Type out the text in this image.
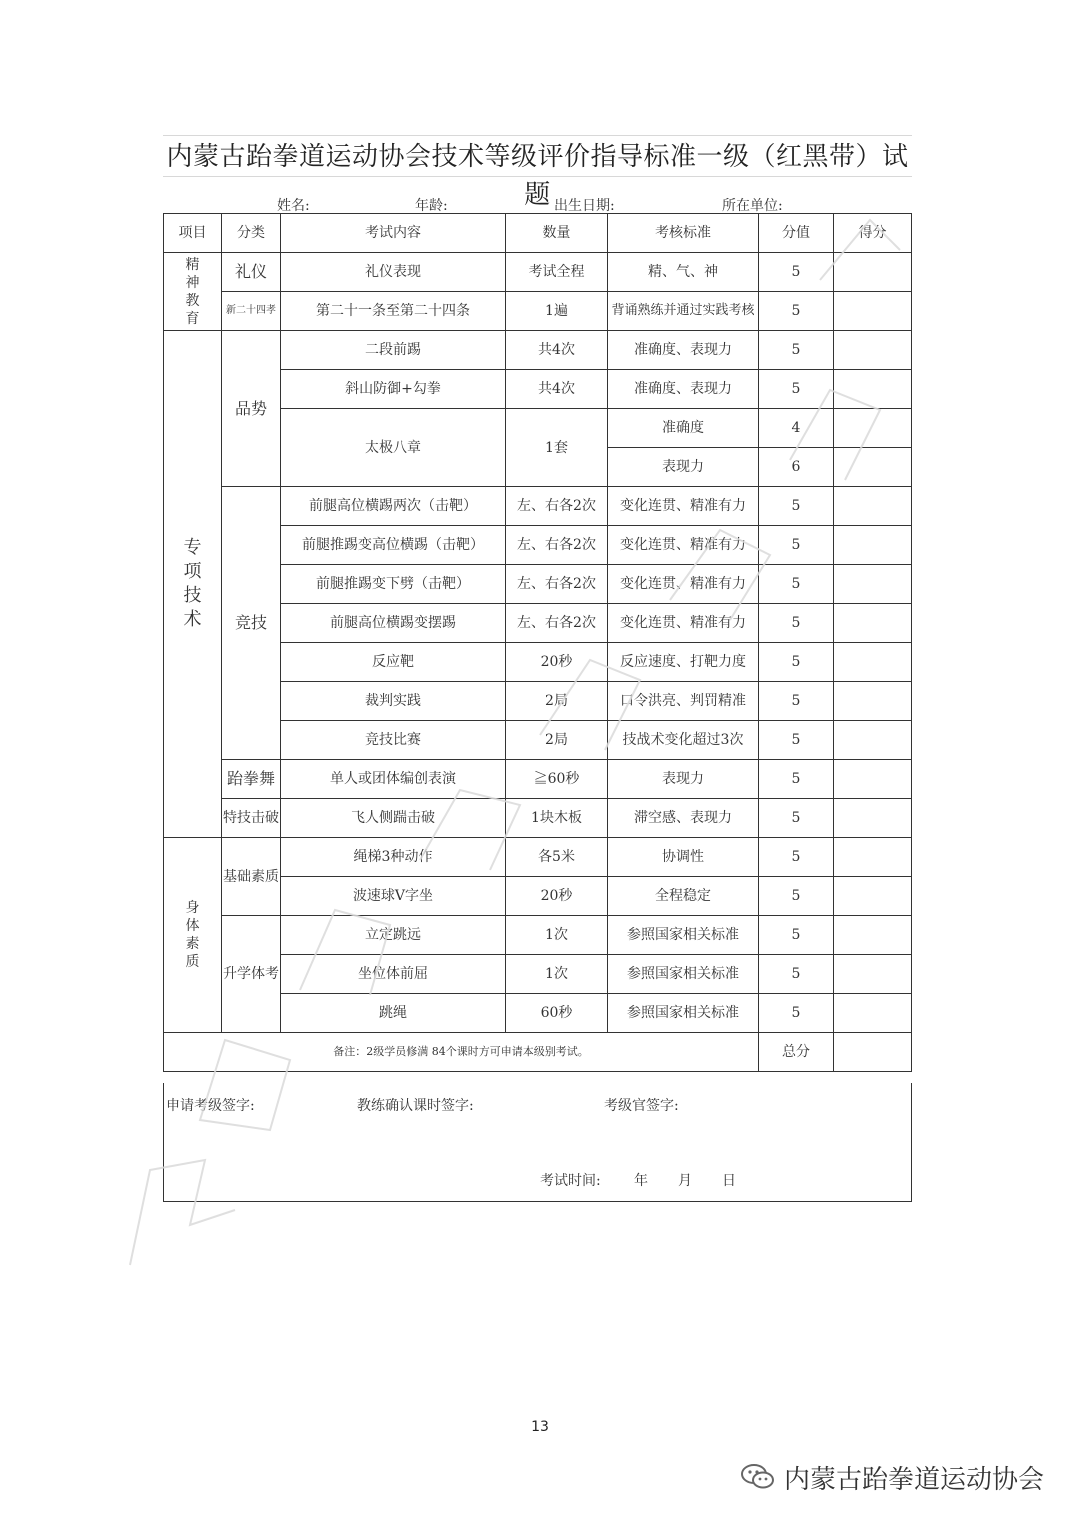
内蒙古跆拳道运动协会技术等级评价指导标准一级（红黑带）试题
姓名:	年龄:	出生日期:	所在单位:
项目	分类	考试内容	数量	考核标准	分值	得分
精
神
教
育	礼仪	礼仪表现	考试全程	精、气、神	5	
	新二十四孝	第二十一条至第二十四条	1遍	背诵熟练并通过实践考核	5	
专
项
技
术	品势	二段前踢	共4次	准确度、表现力	5	
		斜山防御+勾拳	共4次	准确度、表现力	5	
		太极八章	1套	准确度	4	
				表现力	6	
	竞技	前腿高位横踢两次（击靶）	左、右各2次	变化连贯、精准有力	5	
		前腿推踢变高位横踢（击靶）	左、右各2次	变化连贯、精准有力	5	
		前腿推踢变下劈（击靶）	左、右各2次	变化连贯、精准有力	5	
		前腿高位横踢变摆踢	左、右各2次	变化连贯、精准有力	5	
		反应靶	20秒	反应速度、打靶力度	5	
		裁判实践	2局	口令洪亮、判罚精准	5	
		竞技比赛	2局	技战术变化超过3次	5	
	跆拳舞	单人或团体编创表演	≧60秒	表现力	5	
	特技击破	飞人侧踹击破	1块木板	滞空感、表现力	5	
身
体
素
质	基础素质	绳梯3种动作	各5米	协调性	5	
		波速球V字坐	20秒	全程稳定	5	
	升学体考	立定跳远	1次	参照国家相关标准	5	
		坐位体前屈	1次	参照国家相关标准	5	
		跳绳	60秒	参照国家相关标准	5	
备注：2级学员修满 84个课时方可申请本级别考试。					总分	
申请考级签字:	教练确认课时签字:	考级官签字:
考试时间: 年 月 日
13
内蒙古跆拳道运动协会
